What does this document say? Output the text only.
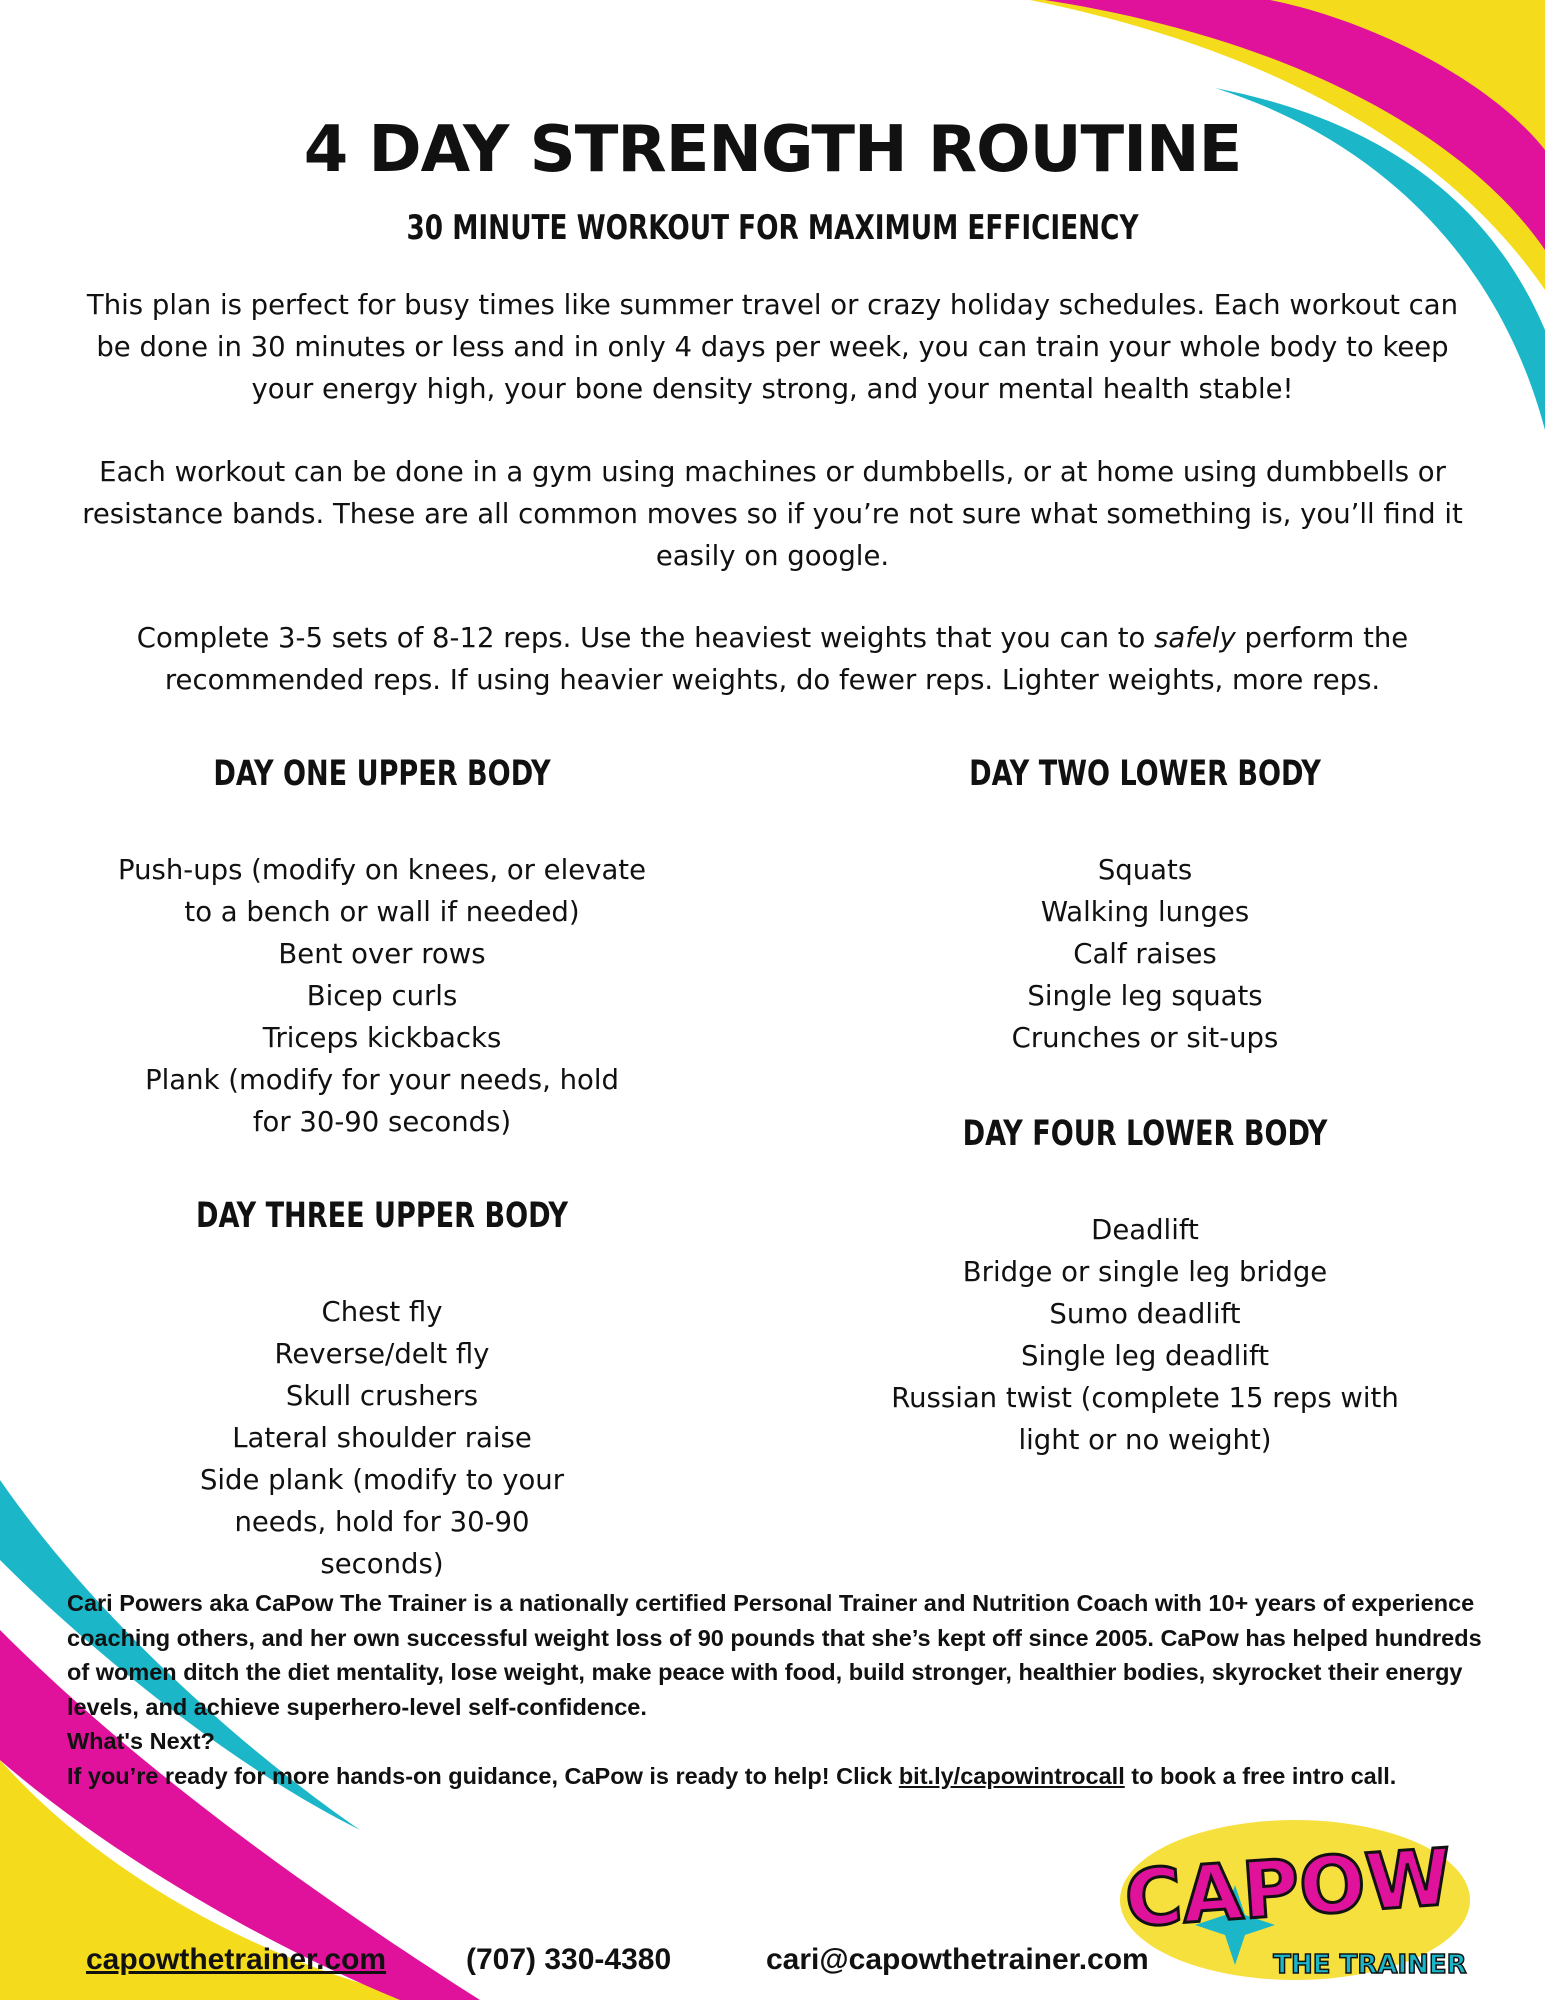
4 DAY STRENGTH ROUTINE
30 MINUTE WORKOUT FOR MAXIMUM EFFICIENCY

This plan is perfect for busy times like summer travel or crazy holiday schedules. Each workout can be done in 30 minutes or less and in only 4 days per week, you can train your whole body to keep your energy high, your bone density strong, and your mental health stable!

Each workout can be done in a gym using machines or dumbbells, or at home using dumbbells or resistance bands. These are all common moves so if you’re not sure what something is, you’ll find it easily on google.

Complete 3-5 sets of 8-12 reps. Use the heaviest weights that you can to safely perform the recommended reps. If using heavier weights, do fewer reps. Lighter weights, more reps.

DAY ONE UPPER BODY
Push-ups (modify on knees, or elevate to a bench or wall if needed)
Bent over rows
Bicep curls
Triceps kickbacks
Plank (modify for your needs, hold for 30-90 seconds)
DAY TWO LOWER BODY
Squats
Walking lunges
Calf raises
Single leg squats
Crunches or sit-ups
DAY THREE UPPER BODY
Chest fly
Reverse/delt fly
Skull crushers
Lateral shoulder raise
Side plank (modify to your needs, hold for 30-90 seconds)
DAY FOUR LOWER BODY
Deadlift
Bridge or single leg bridge
Sumo deadlift
Single leg deadlift
Russian twist (complete 15 reps with light or no weight)

Cari Powers aka CaPow The Trainer is a nationally certified Personal Trainer and Nutrition Coach with 10+ years of experience coaching others, and her own successful weight loss of 90 pounds that she’s kept off since 2005. CaPow has helped hundreds of women ditch the diet mentality, lose weight, make peace with food, build stronger, healthier bodies, skyrocket their energy levels, and achieve superhero-level self-confidence.

What's Next?

If you’re ready for more hands-on guidance, CaPow is ready to help! Click bit.ly/capowintrocall to book a free intro call.

capowthetrainer.com	(707) 330-4380	cari@capowthetrainer.com
CAPOW
THE TRAINER
